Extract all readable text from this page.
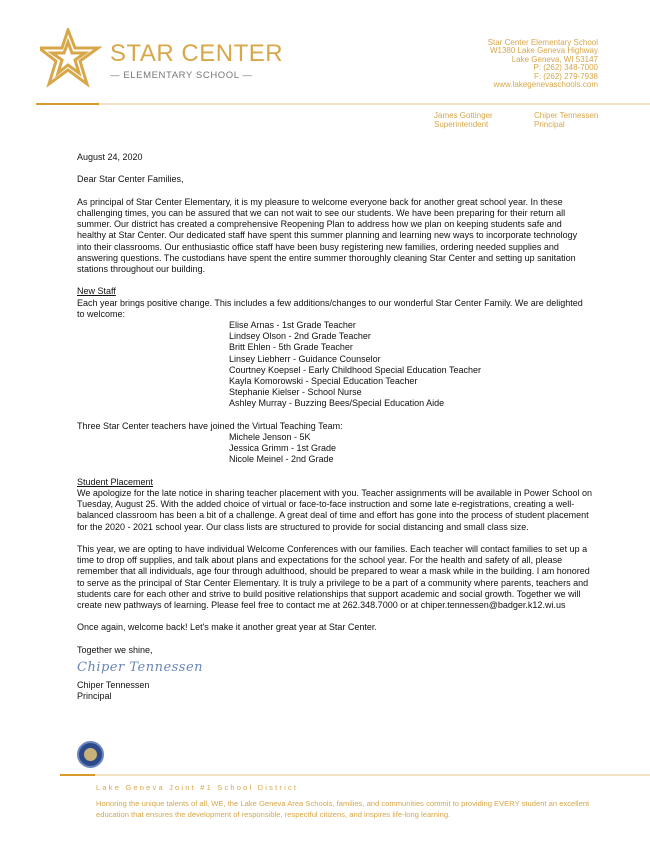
STAR CENTER
— ELEMENTARY SCHOOL —
Star Center Elementary School
W1380 Lake Geneva Highway
Lake Geneva, WI 53147
P: (262) 348-7000
F: (262) 279-7938
www.lakegenevaschools.com
James Gottinger
Superintendent
Chiper Tennessen
Principal

August 24, 2020

Dear Star Center Families,

As principal of Star Center Elementary, it is my pleasure to welcome everyone back for another great school year. In these challenging times, you can be assured that we can not wait to see our students. We have been preparing for their return all summer. Our district has created a comprehensive Reopening Plan to address how we plan on keeping students safe and healthy at Star Center. Our dedicated staff have spent this summer planning and learning new ways to incorporate technology into their classrooms. Our enthusiastic office staff have been busy registering new families, ordering needed supplies and answering questions. The custodians have spent the entire summer thoroughly cleaning Star Center and setting up sanitation stations throughout our building.

New Staff
Each year brings positive change. This includes a few additions/changes to our wonderful Star Center Family. We are delighted to welcome:
Elise Arnas - 1st Grade Teacher
Lindsey Olson - 2nd Grade Teacher
Britt Ehlen - 5th Grade Teacher
Linsey Liebherr - Guidance Counselor
Courtney Koepsel - Early Childhood Special Education Teacher
Kayla Komorowski - Special Education Teacher
Stephanie Kielser - School Nurse
Ashley Murray - Buzzing Bees/Special Education Aide
Three Star Center teachers have joined the Virtual Teaching Team:
Michele Jenson - 5K
Jessica Grimm - 1st Grade
Nicole Meinel - 2nd Grade
Student Placement

We apologize for the late notice in sharing teacher placement with you. Teacher assignments will be available in Power School on Tuesday, August 25. With the added choice of virtual or face-to-face instruction and some late e-registrations, creating a well-balanced classroom has been a bit of a challenge. A great deal of time and effort has gone into the process of student placement for the 2020 - 2021 school year. Our class lists are structured to provide for social distancing and small class size.

This year, we are opting to have individual Welcome Conferences with our families. Each teacher will contact families to set up a time to drop off supplies, and talk about plans and expectations for the school year. For the health and safety of all, please remember that all individuals, age four through adulthood, should be prepared to wear a mask while in the building. I am honored to serve as the principal of Star Center Elementary. It is truly a privilege to be a part of a community where parents, teachers and students care for each other and strive to build positive relationships that support academic and social growth. Together we will create new pathways of learning. Please feel free to contact me at 262.348.7000 or at chiper.tennessen@badger.k12.wi.us

Once again, welcome back! Let's make it another great year at Star Center.

Together we shine,
Chiper Tennessen
Chiper Tennessen
Principal
Lake Geneva Joint #1 School District
Honoring the unique talents of all, WE, the Lake Geneva Area Schools, families, and communities commit to providing EVERY student an excellent education that ensures the development of responsible, respectful citizens, and inspires life-long learning.
